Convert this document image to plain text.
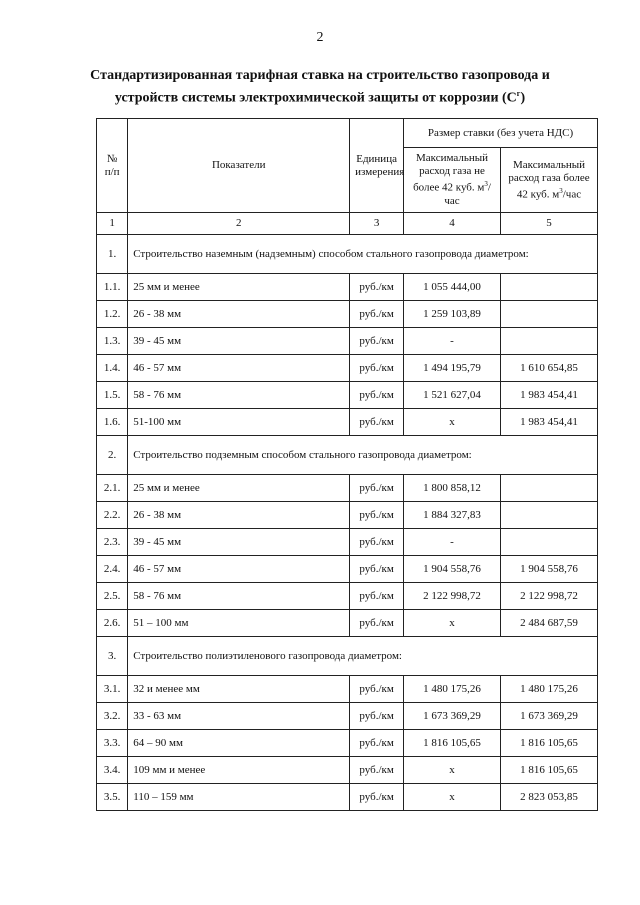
2
Стандартизированная тарифная ставка на строительство газопровода и устройств системы электрохимической защиты от коррозии $(С^г)$
№ п/п	Показатели	Единица измерения	Размер ставки (без учета НДС)	
			Максимальный расход газа не более 42 куб. $м^3$/час	Максимальный расход газа более 42 куб. $м^3$/час
1	2	3	4	5
1.	Строительство наземным (надземным) способом стального газопровода диаметром:			
1.1.	25 мм и менее	руб./км	1 055 444,00	
1.2.	26 - 38 мм	руб./км	1 259 103,89	
1.3.	39 - 45 мм	руб./км	-	
1.4.	46 - 57 мм	руб./км	1 494 195,79	1 610 654,85
1.5.	58 - 76 мм	руб./км	1 521 627,04	1 983 454,41
1.6.	51-100 мм	руб./км	х	1 983 454,41
2.	Строительство подземным способом стального газопровода диаметром:			
2.1.	25 мм и менее	руб./км	1 800 858,12	
2.2.	26 - 38 мм	руб./км	1 884 327,83	
2.3.	39 - 45 мм	руб./км	-	
2.4.	46 - 57 мм	руб./км	1 904 558,76	1 904 558,76
2.5.	58 - 76 мм	руб./км	2 122 998,72	2 122 998,72
2.6.	51 – 100 мм	руб./км	х	2 484 687,59
3.	Строительство полиэтиленового газопровода диаметром:			
3.1.	32 и менее мм	руб./км	1 480 175,26	1 480 175,26
3.2.	33 - 63 мм	руб./км	1 673 369,29	1 673 369,29
3.3.	64 – 90 мм	руб./км	1 816 105,65	1 816 105,65
3.4.	109 мм и менее	руб./км	х	1 816 105,65
3.5.	110 – 159 мм	руб./км	х	2 823 053,85
